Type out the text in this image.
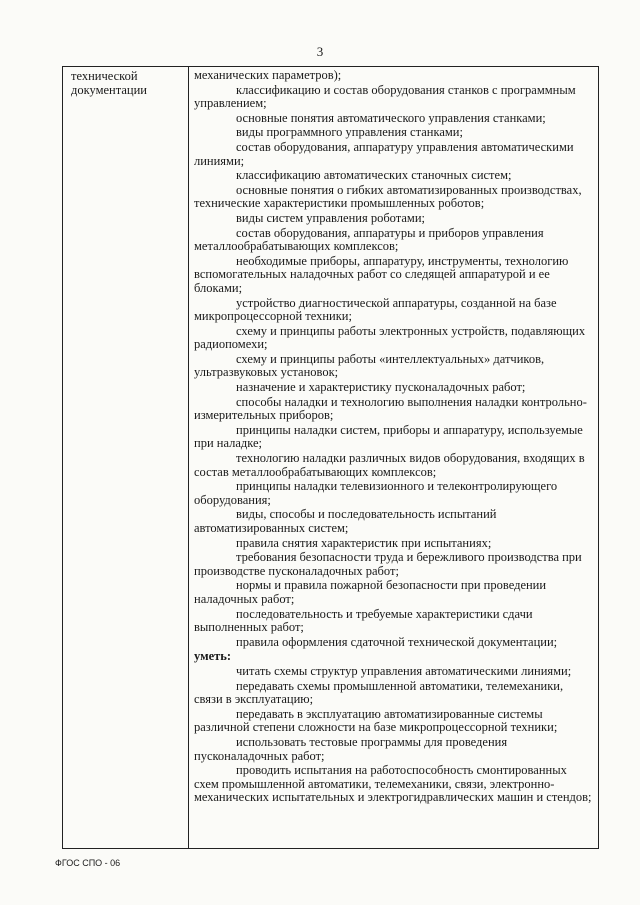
3
технической
документации

механических параметров);

классификацию и состав оборудования станков с программным управлением;

основные понятия автоматического управления станками;

виды программного управления станками;

состав оборудования, аппаратуру управления автоматическими линиями;

классификацию автоматических станочных систем;

основные понятия о гибких автоматизированных производствах, технические характеристики промышленных роботов;

виды систем управления роботами;

состав оборудования, аппаратуры и приборов управления металлообрабатывающих комплексов;

необходимые приборы, аппаратуру, инструменты, технологию вспомогательных наладочных работ со следящей аппаратурой и ее блоками;

устройство диагностической аппаратуры, созданной на базе микропроцессорной техники;

схему и принципы работы электронных устройств, подавляющих радиопомехи;

схему и принципы работы «интеллектуальных» датчиков, ультразвуковых установок;

назначение и характеристику пусконаладочных работ;

способы наладки и технологию выполнения наладки контрольно-измерительных приборов;

принципы наладки систем, приборы и аппаратуру, используемые при наладке;

технологию наладки различных видов оборудования, входящих в состав металлообрабатывающих комплексов;

принципы наладки телевизионного и телеконтролирующего оборудования;

виды, способы и последовательность испытаний автоматизированных систем;

правила снятия характеристик при испытаниях;

требования безопасности труда и бережливого производства при производстве пусконаладочных работ;

нормы и правила пожарной безопасности при проведении наладочных работ;

последовательность и требуемые характеристики сдачи выполненных работ;

правила оформления сдаточной технической документации;

уметь:

читать схемы структур управления автоматическими линиями;

передавать схемы промышленной автоматики, телемеханики, связи в эксплуатацию;

передавать в эксплуатацию автоматизированные системы различной степени сложности на базе микропроцессорной техники;

использовать тестовые программы для проведения пусконаладочных работ;

проводить испытания на работоспособность смонтированных схем промышленной автоматики, телемеханики, связи, электронно-механических испытательных и электрогидравлических машин и стендов;

ФГОС СПО - 06
